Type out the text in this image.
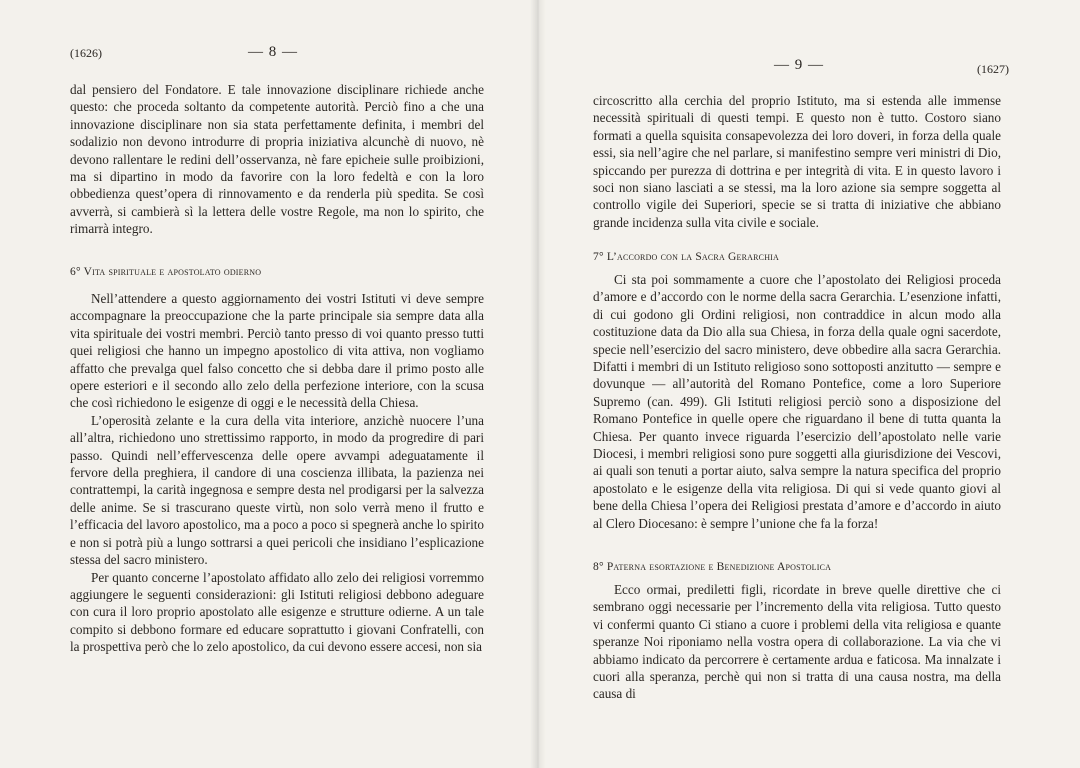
(1626)	— 8 —

dal pensiero del Fondatore. E tale innovazione disciplinare richiede anche questo: che proceda soltanto da competente autorità. Perciò fino a che una innovazione disciplinare non sia stata perfettamente definita, i membri del sodalizio non devono introdurre di propria iniziativa alcunchè di nuovo, nè devono rallentare le redini dell’osservanza, nè fare epicheie sulle proibizioni, ma si dipartino in modo da favorire con la loro fedeltà e con la loro obbedienza quest’opera di rinnovamento e da renderla più spedita. Se così avverrà, si cambierà sì la lettera delle vostre Regole, ma non lo spirito, che rimarrà integro.

6° Vita spirituale e apostolato odierno

Nell’attendere a questo aggiornamento dei vostri Istituti vi deve sempre accompagnare la preoccupazione che la parte principale sia sempre data alla vita spirituale dei vostri membri. Perciò tanto presso di voi quanto presso tutti quei religiosi che hanno un impegno apostolico di vita attiva, non vogliamo affatto che prevalga quel falso concetto che si debba dare il primo posto alle opere esteriori e il secondo allo zelo della perfezione interiore, con la scusa che così richiedono le esigenze di oggi e le necessità della Chiesa.

L’operosità zelante e la cura della vita interiore, anzichè nuocere l’una all’altra, richiedono uno strettissimo rapporto, in modo da progredire di pari passo. Quindi nell’effervescenza delle opere avvampi adeguatamente il fervore della preghiera, il candore di una coscienza illibata, la pazienza nei contrattempi, la carità ingegnosa e sempre desta nel prodigarsi per la salvezza delle anime. Se si trascurano queste virtù, non solo verrà meno il frutto e l’efficacia del lavoro apostolico, ma a poco a poco si spegnerà anche lo spirito e non si potrà più a lungo sottrarsi a quei pericoli che insidiano l’esplicazione stessa del sacro ministero.

Per quanto concerne l’apostolato affidato allo zelo dei religiosi vorremmo aggiungere le seguenti considerazioni: gli Istituti religiosi debbono adeguare con cura il loro proprio apostolato alle esigenze e strutture odierne. A un tale compito si debbono formare ed educare soprattutto i giovani Confratelli, con la prospettiva però che lo zelo apostolico, da cui devono essere accesi, non sia

— 9 —	(1627)

circoscritto alla cerchia del proprio Istituto, ma si estenda alle immense necessità spirituali di questi tempi. E questo non è tutto. Costoro siano formati a quella squisita consapevolezza dei loro doveri, in forza della quale essi, sia nell’agire che nel parlare, si manifestino sempre veri ministri di Dio, spiccando per purezza di dottrina e per integrità di vita. E in questo lavoro i soci non siano lasciati a se stessi, ma la loro azione sia sempre soggetta al controllo vigile dei Superiori, specie se si tratta di iniziative che abbiano grande incidenza sulla vita civile e sociale.

7° L’accordo con la Sacra Gerarchia

Ci sta poi sommamente a cuore che l’apostolato dei Religiosi proceda d’amore e d’accordo con le norme della sacra Gerarchia. L’esenzione infatti, di cui godono gli Ordini religiosi, non contraddice in alcun modo alla costituzione data da Dio alla sua Chiesa, in forza della quale ogni sacerdote, specie nell’esercizio del sacro ministero, deve obbedire alla sacra Gerarchia. Difatti i membri di un Istituto religioso sono sottoposti anzitutto — sempre e dovunque — all’autorità del Romano Pontefice, come a loro Superiore Supremo (can. 499). Gli Istituti religiosi perciò sono a disposizione del Romano Pontefice in quelle opere che riguardano il bene di tutta quanta la Chiesa. Per quanto invece riguarda l’esercizio dell’apostolato nelle varie Diocesi, i membri religiosi sono pure soggetti alla giurisdizione dei Vescovi, ai quali son tenuti a portar aiuto, salva sempre la natura specifica del proprio apostolato e le esigenze della vita religiosa. Di qui si vede quanto giovi al bene della Chiesa l’opera dei Religiosi prestata d’amore e d’accordo in aiuto al Clero Diocesano: è sempre l’unione che fa la forza!

8° Paterna esortazione e Benedizione Apostolica

Ecco ormai, prediletti figli, ricordate in breve quelle direttive che ci sembrano oggi necessarie per l’incremento della vita religiosa. Tutto questo vi confermi quanto Ci stiano a cuore i problemi della vita religiosa e quante speranze Noi riponiamo nella vostra opera di collaborazione. La via che vi abbiamo indicato da percorrere è certamente ardua e faticosa. Ma innalzate i cuori alla speranza, perchè qui non si tratta di una causa nostra, ma della causa di
